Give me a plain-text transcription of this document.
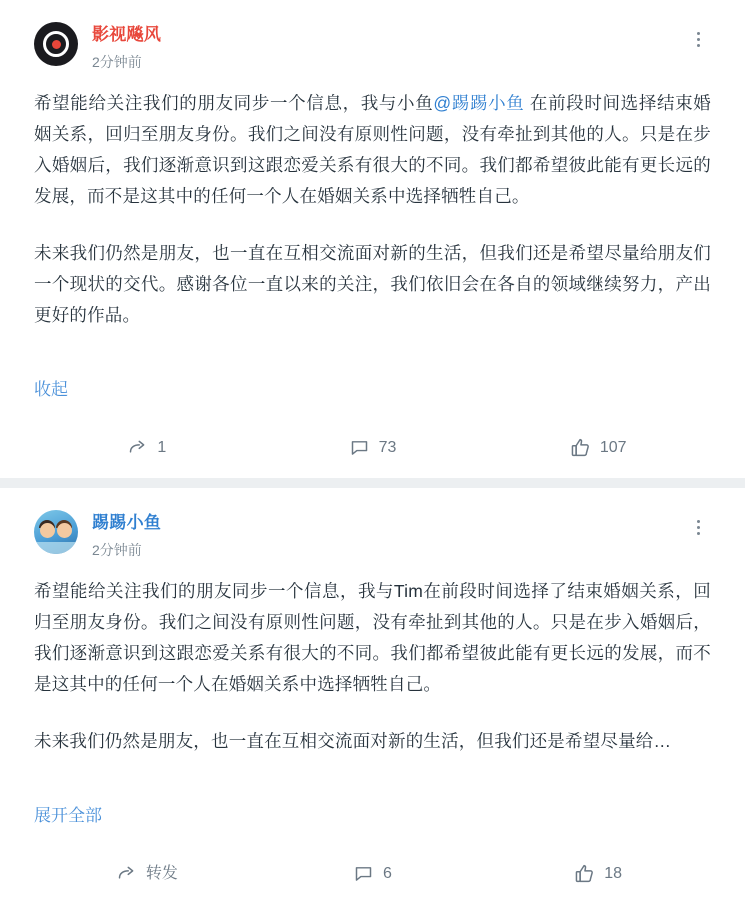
影视飚风
2分钟前

希望能给关注我们的朋友同步一个信息，我与小鱼@踢踢小鱼 在前段时间选择结束婚姻关系，回归至朋友身份。我们之间没有原则性问题，没有牵扯到其他的人。只是在步入婚姻后，我们逐渐意识到这跟恋爱关系有很大的不同。我们都希望彼此能有更长远的发展，而不是这其中的任何一个人在婚姻关系中选择牺牲自己。

未来我们仍然是朋友，也一直在互相交流面对新的生活，但我们还是希望尽量给朋友们一个现状的交代。感谢各位一直以来的关注，我们依旧会在各自的领域继续努力，产出更好的作品。

收起
1	73	107
踢踢小鱼
2分钟前

希望能给关注我们的朋友同步一个信息，我与Tim在前段时间选择了结束婚姻关系，回归至朋友身份。我们之间没有原则性问题，没有牵扯到其他的人。只是在步入婚姻后，我们逐渐意识到这跟恋爱关系有很大的不同。我们都希望彼此能有更长远的发展，而不是这其中的任何一个人在婚姻关系中选择牺牲自己。

未来我们仍然是朋友，也一直在互相交流面对新的生活，但我们还是希望尽量给…

展开全部
转发	6	18
